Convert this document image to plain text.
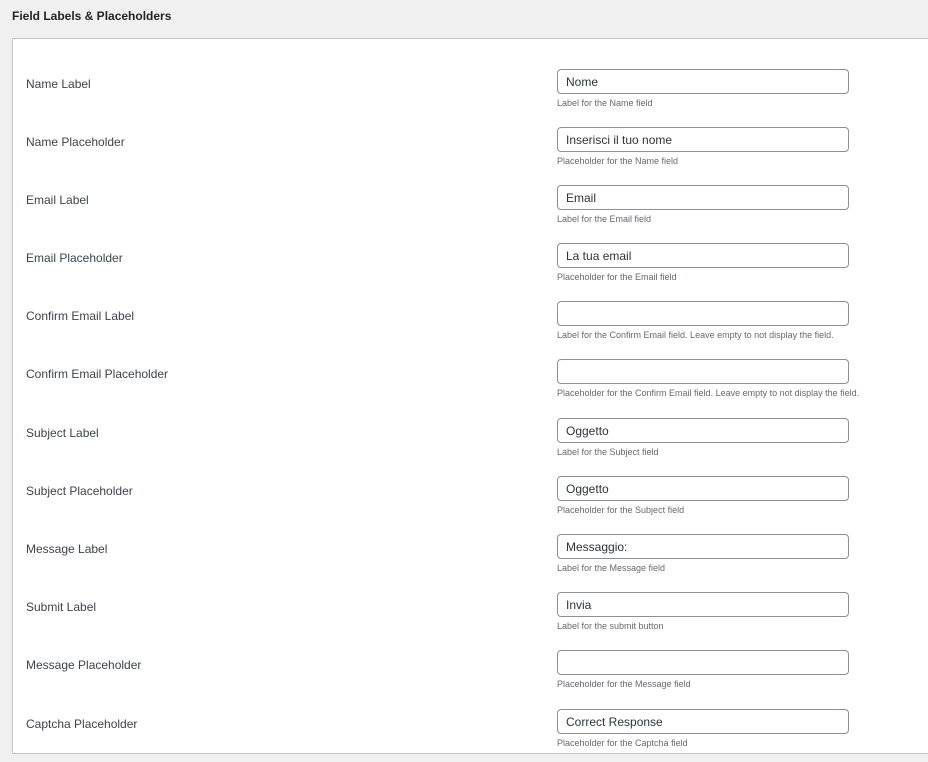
Field Labels & Placeholders
Name Label
Nome
Label for the Name field
Name Placeholder
Inserisci il tuo nome
Placeholder for the Name field
Email Label
Email
Label for the Email field
Email Placeholder
La tua email
Placeholder for the Email field
Confirm Email Label
Label for the Confirm Email field. Leave empty to not display the field.
Confirm Email Placeholder
Placeholder for the Confirm Email field. Leave empty to not display the field.
Subject Label
Oggetto
Label for the Subject field
Subject Placeholder
Oggetto
Placeholder for the Subject field
Message Label
Messaggio:
Label for the Message field
Submit Label
Invia
Label for the submit button
Message Placeholder
Placeholder for the Message field
Captcha Placeholder
Correct Response
Placeholder for the Captcha field
